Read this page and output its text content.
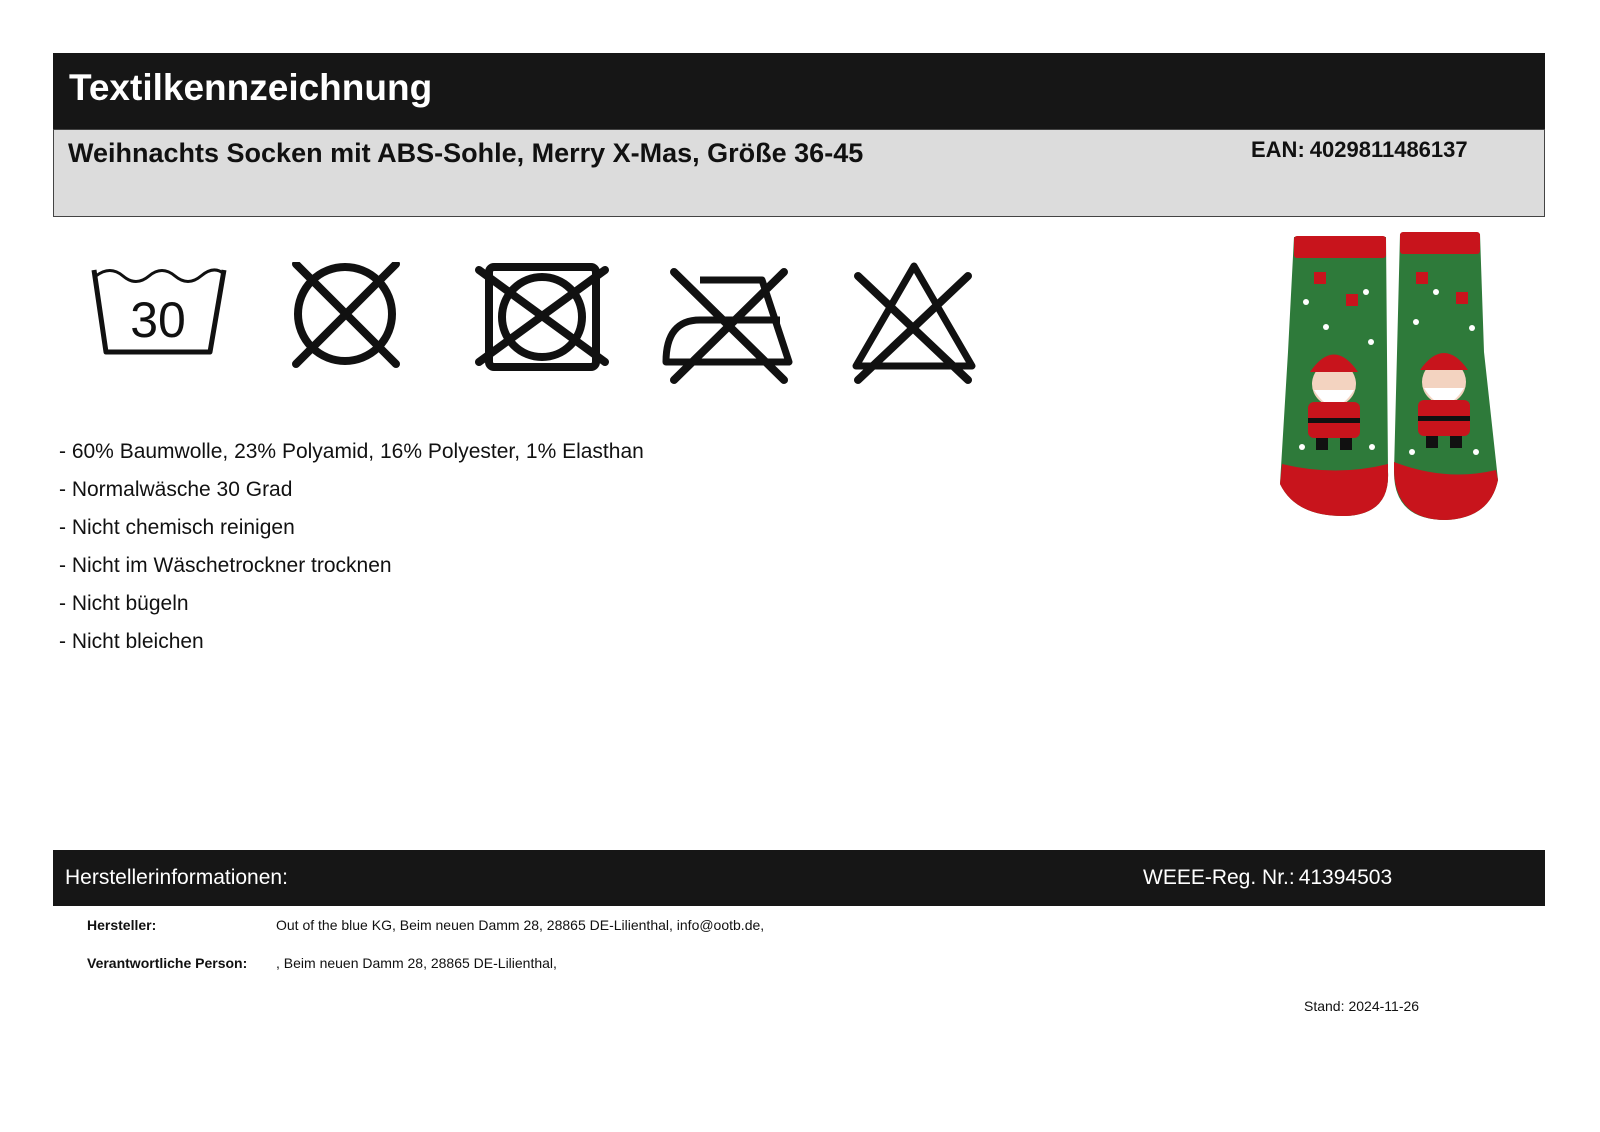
Textilkennzeichnung
Weihnachts Socken mit ABS-Sohle, Merry X-Mas, Größe 36-45	EAN: 4029811486137
30
- 60% Baumwolle, 23% Polyamid, 16% Polyester, 1% Elasthan
- Normalwäsche 30 Grad
- Nicht chemisch reinigen
- Nicht im Wäschetrockner trocknen
- Nicht bügeln
- Nicht bleichen
Herstellerinformationen:	WEEE-Reg. Nr.: 41394503
Hersteller:	Out of the blue KG, Beim neuen Damm 28, 28865 DE-Lilienthal, info@ootb.de,
Verantwortliche Person: , Beim neuen Damm 28, 28865 DE-Lilienthal,
Stand: 2024-11-26
